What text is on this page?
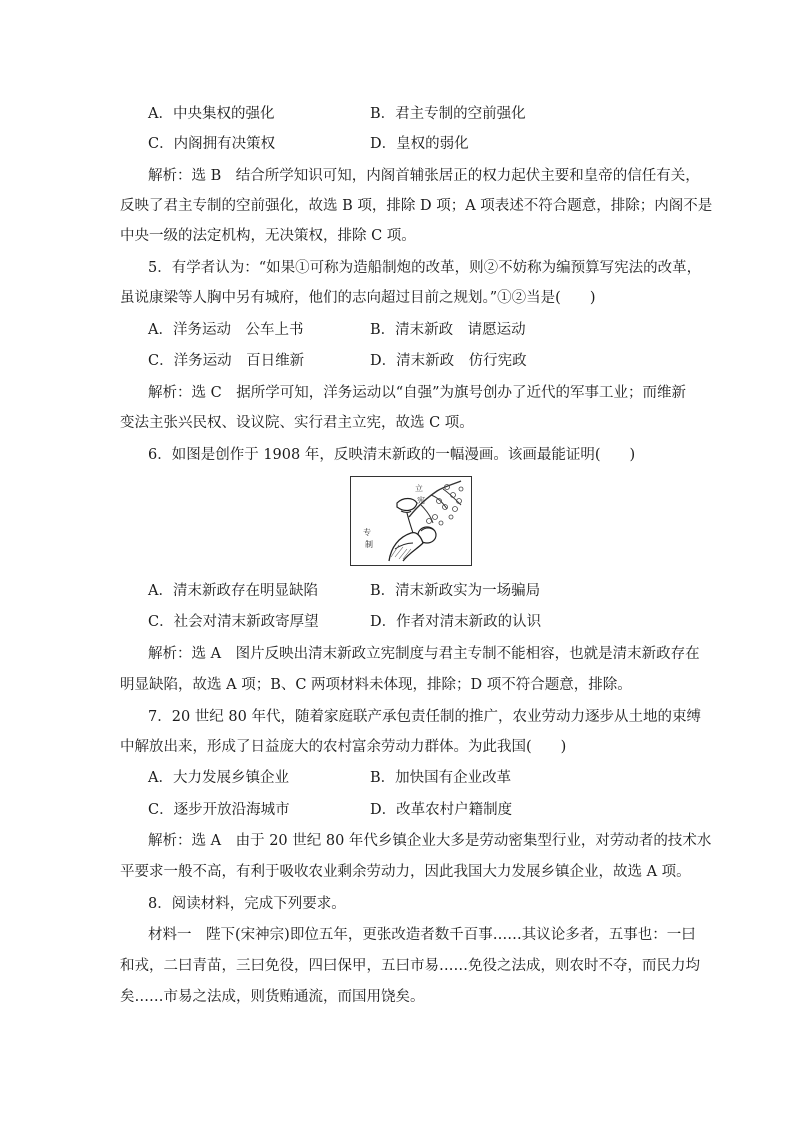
A．中央集权的强化	B．君主专制的空前强化
C．内阁拥有决策权	D．皇权的弱化
解析：选 B　结合所学知识可知，内阁首辅张居正的权力起伏主要和皇帝的信任有关，
反映了君主专制的空前强化，故选 B 项，排除 D 项；A 项表述不符合题意，排除；内阁不是
中央一级的法定机构，无决策权，排除 C 项。
5．有学者认为：“如果①可称为造船制炮的改革，则②不妨称为编预算写宪法的改革，
虽说康梁等人胸中另有城府，他们的志向超过目前之规划。”①②当是(　　)
A．洋务运动　公车上书	B．清末新政　请愿运动
C．洋务运动　百日维新	D．清末新政　仿行宪政
解析：选 C　据所学可知，洋务运动以“自强”为旗号创办了近代的军事工业；而维新
变法主张兴民权、设议院、实行君主立宪，故选 C 项。
6．如图是创作于 1908 年，反映清末新政的一幅漫画。该画最能证明(　　)
立
宪
专
制
A．清末新政存在明显缺陷	B．清末新政实为一场骗局
C．社会对清末新政寄厚望	D．作者对清末新政的认识
解析：选 A　图片反映出清末新政立宪制度与君主专制不能相容，也就是清末新政存在
明显缺陷，故选 A 项；B、C 两项材料未体现，排除；D 项不符合题意，排除。
7．20 世纪 80 年代，随着家庭联产承包责任制的推广，农业劳动力逐步从土地的束缚
中解放出来，形成了日益庞大的农村富余劳动力群体。为此我国(　　)
A．大力发展乡镇企业	B．加快国有企业改革
C．逐步开放沿海城市	D．改革农村户籍制度
解析：选 A　由于 20 世纪 80 年代乡镇企业大多是劳动密集型行业，对劳动者的技术水
平要求一般不高，有利于吸收农业剩余劳动力，因此我国大力发展乡镇企业，故选 A 项。
8．阅读材料，完成下列要求。
材料一　陛下(宋神宗)即位五年，更张改造者数千百事……其议论多者，五事也：一曰
和戎，二曰青苗，三曰免役，四曰保甲，五曰市易……免役之法成，则农时不夺，而民力均
矣……市易之法成，则货贿通流，而国用饶矣。
